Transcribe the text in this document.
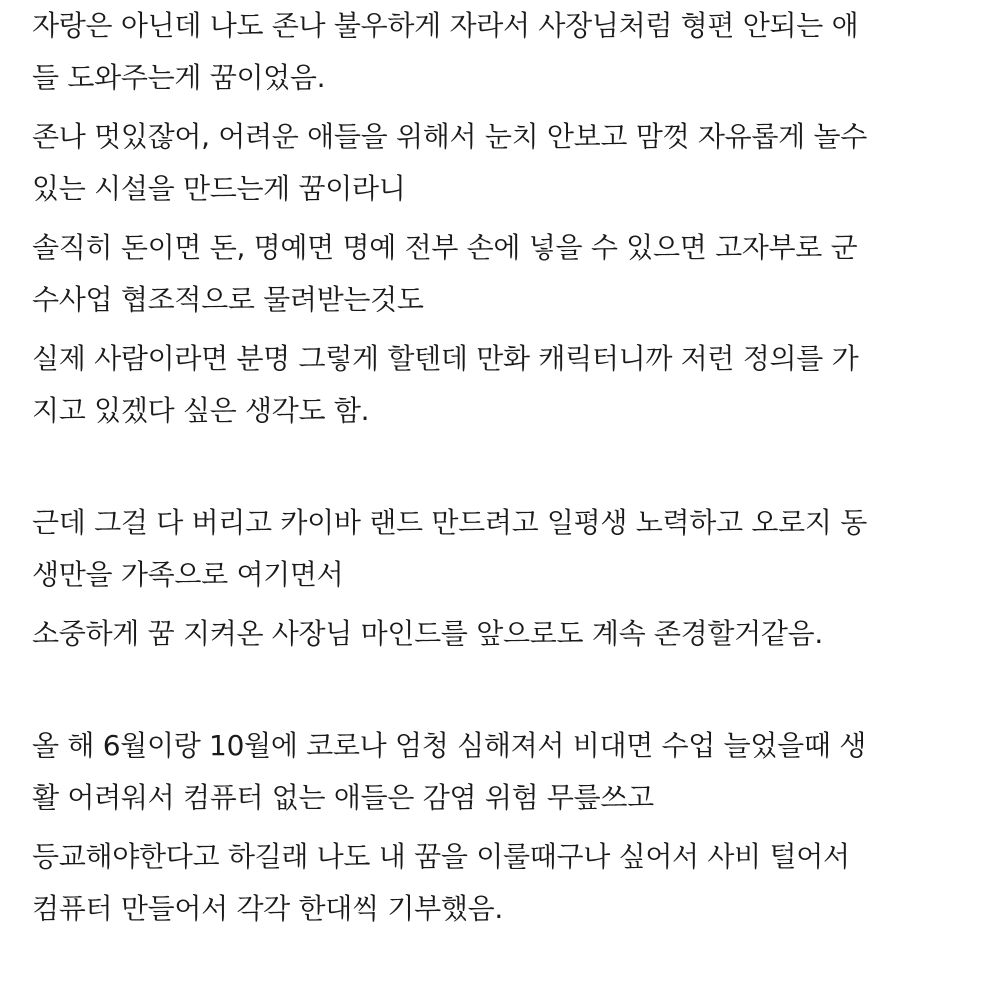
자랑은 아닌데 나도 존나 불우하게 자라서 사장님처럼 형편 안되는 애
들 도와주는게 꿈이었음.

존나 멋있잖어, 어려운 애들을 위해서 눈치 안보고 맘껏 자유롭게 놀수
있는 시설을 만드는게 꿈이라니

솔직히 돈이면 돈, 명예면 명예 전부 손에 넣을 수 있으면 고자부로 군
수사업 협조적으로 물려받는것도

실제 사람이라면 분명 그렇게 할텐데 만화 캐릭터니까 저런 정의를 가
지고 있겠다 싶은 생각도 함.

근데 그걸 다 버리고 카이바 랜드 만드려고 일평생 노력하고 오로지 동
생만을 가족으로 여기면서

소중하게 꿈 지켜온 사장님 마인드를 앞으로도 계속 존경할거같음.

올 해 6월이랑 10월에 코로나 엄청 심해져서 비대면 수업 늘었을때 생
활 어려워서 컴퓨터 없는 애들은 감염 위험 무릎쓰고

등교해야한다고 하길래 나도 내 꿈을 이룰때구나 싶어서 사비 털어서
컴퓨터 만들어서 각각 한대씩 기부했음.
